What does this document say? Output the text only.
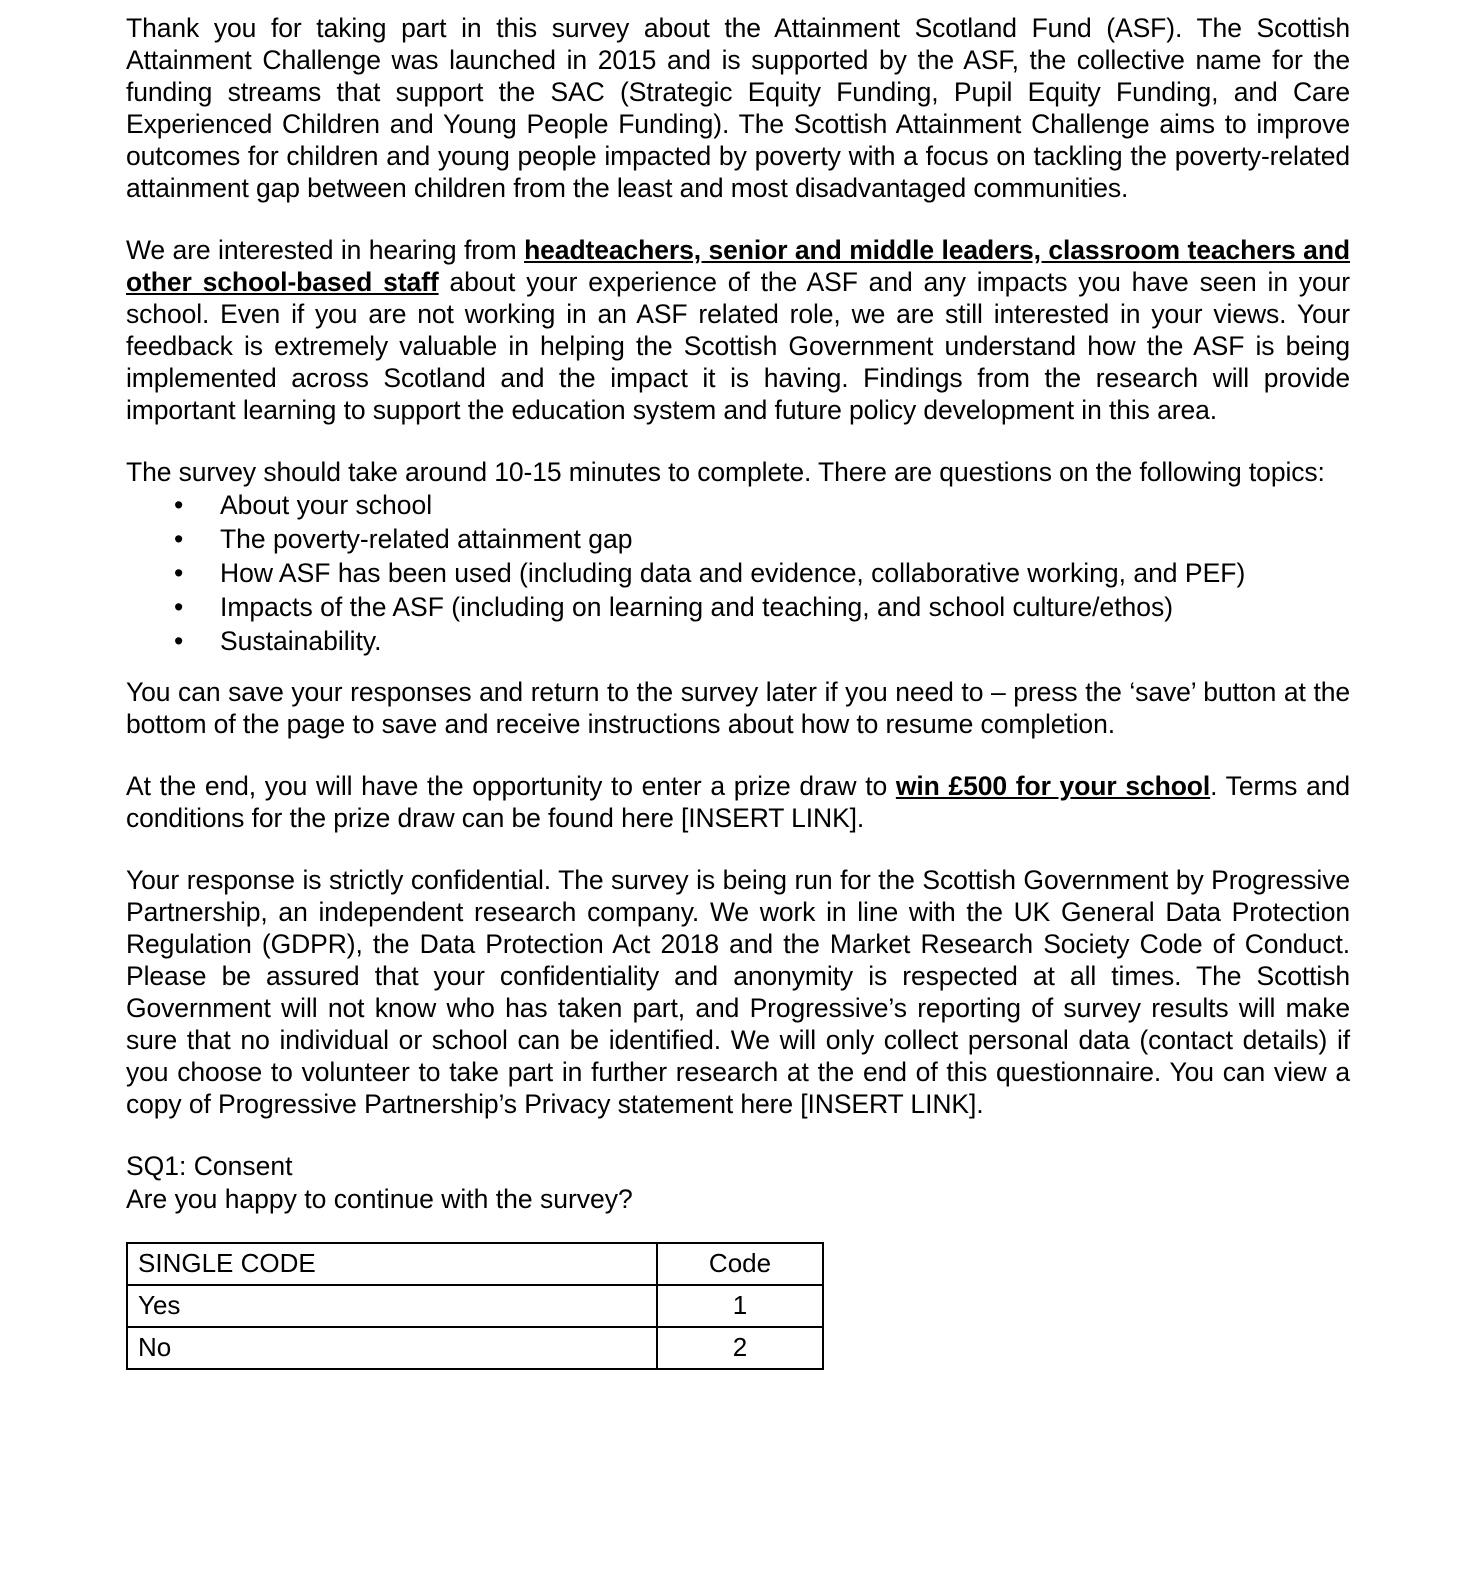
Thank you for taking part in this survey about the Attainment Scotland Fund (ASF). The Scottish Attainment Challenge was launched in 2015 and is supported by the ASF, the collective name for the funding streams that support the SAC (Strategic Equity Funding, Pupil Equity Funding, and Care Experienced Children and Young People Funding). The Scottish Attainment Challenge aims to improve outcomes for children and young people impacted by poverty with a focus on tackling the poverty-related attainment gap between children from the least and most disadvantaged communities.

We are interested in hearing from headteachers, senior and middle leaders, classroom teachers and other school-based staff about your experience of the ASF and any impacts you have seen in your school. Even if you are not working in an ASF related role, we are still interested in your views. Your feedback is extremely valuable in helping the Scottish Government understand how the ASF is being implemented across Scotland and the impact it is having. Findings from the research will provide important learning to support the education system and future policy development in this area.

The survey should take around 10-15 minutes to complete. There are questions on the following topics:

• About your school
• The poverty-related attainment gap
• How ASF has been used (including data and evidence, collaborative working, and PEF)
• Impacts of the ASF (including on learning and teaching, and school culture/ethos)
• Sustainability.

You can save your responses and return to the survey later if you need to – press the ‘save’ button at the bottom of the page to save and receive instructions about how to resume completion.

At the end, you will have the opportunity to enter a prize draw to win £500 for your school. Terms and conditions for the prize draw can be found here [INSERT LINK].

Your response is strictly confidential. The survey is being run for the Scottish Government by Progressive Partnership, an independent research company. We work in line with the UK General Data Protection Regulation (GDPR), the Data Protection Act 2018 and the Market Research Society Code of Conduct. Please be assured that your confidentiality and anonymity is respected at all times. The Scottish Government will not know who has taken part, and Progressive’s reporting of survey results will make sure that no individual or school can be identified. We will only collect personal data (contact details) if you choose to volunteer to take part in further research at the end of this questionnaire. You can view a copy of Progressive Partnership’s Privacy statement here [INSERT LINK].

SQ1: Consent
Are you happy to continue with the survey?
SINGLE CODE	Code
Yes	1
No	2
